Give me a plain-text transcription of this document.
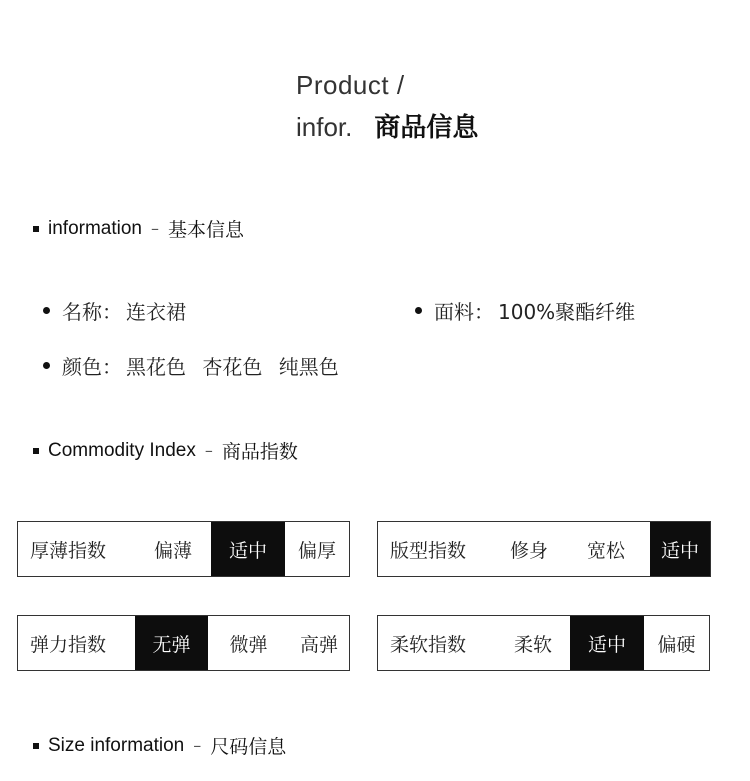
Product /
infor. 商品信息
information – 基本信息
名称： 连衣裙	面料： 100%聚酯纤维
颜色： 黑花色 杏花色 纯黑色
Commodity Index – 商品指数
厚薄指数	偏薄	适中	偏厚	版型指数	修身	宽松	适中
弹力指数	无弹	微弹	高弹	柔软指数	柔软	适中	偏硬
Size information – 尺码信息
